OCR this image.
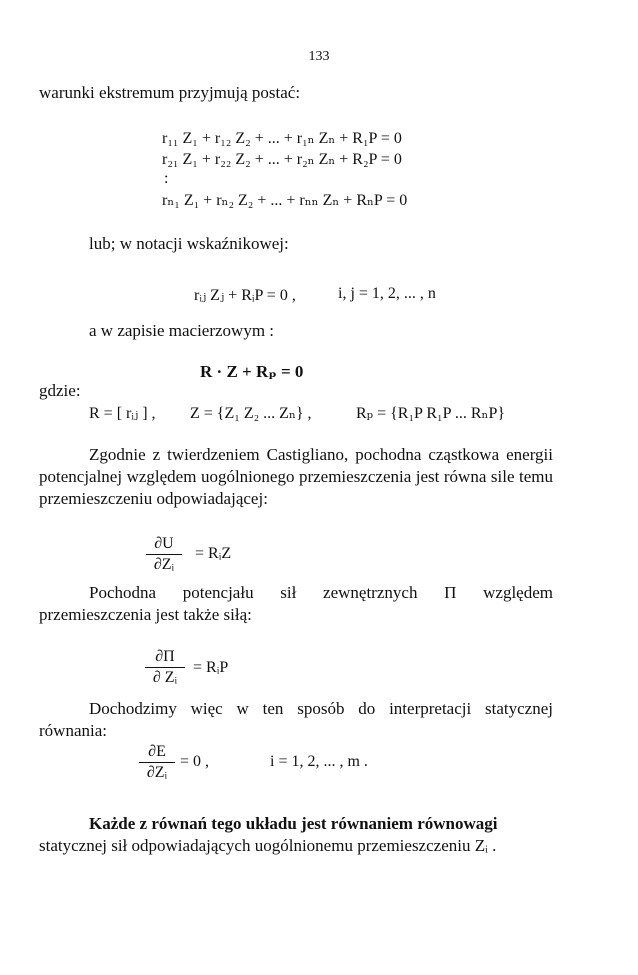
133
warunki ekstremum przyjmują postać:
r₁₁ Z₁ + r₁₂ Z₂ + ... + r₁ₙ Zₙ + R₁P = 0
r₂₁ Z₁ + r₂₂ Z₂ + ... + r₂ₙ Zₙ + R₂P = 0
:
rₙ₁ Z₁ + rₙ₂ Z₂ + ... + rₙₙ Zₙ + RₙP = 0
lub; w notacji wskaźnikowej:
rᵢⱼ Zⱼ + RᵢP = 0 ,	i, j = 1, 2, ... , n
a w zapisie macierzowym :
R · Z + Rₚ = 0
gdzie:
R = [ rᵢⱼ ] , Z = {Z₁ Z₂ ... Zₙ} ,	Rₚ = {R₁P R₁P ... RₙP}
Zgodnie z twierdzeniem Castigliano, pochodna cząstkowa energii potencjalnej względem uogólnionego przemieszczenia jest równa sile temu przemieszczeniu odpowiadającej:
∂U
∂Zᵢ
= RᵢZ
Pochodna potencjału sił zewnętrznych Π względem przemieszczenia jest także siłą:
∂Π
∂ Zᵢ
= RᵢP
Dochodzimy więc w ten sposób do interpretacji statycznej równania:
∂E
∂Zᵢ
= 0 ,	i = 1, 2, ... , m .
Każde z równań tego układu jest równaniem równowagi
statycznej sił odpowiadających uogólnionemu przemieszczeniu Zᵢ .
